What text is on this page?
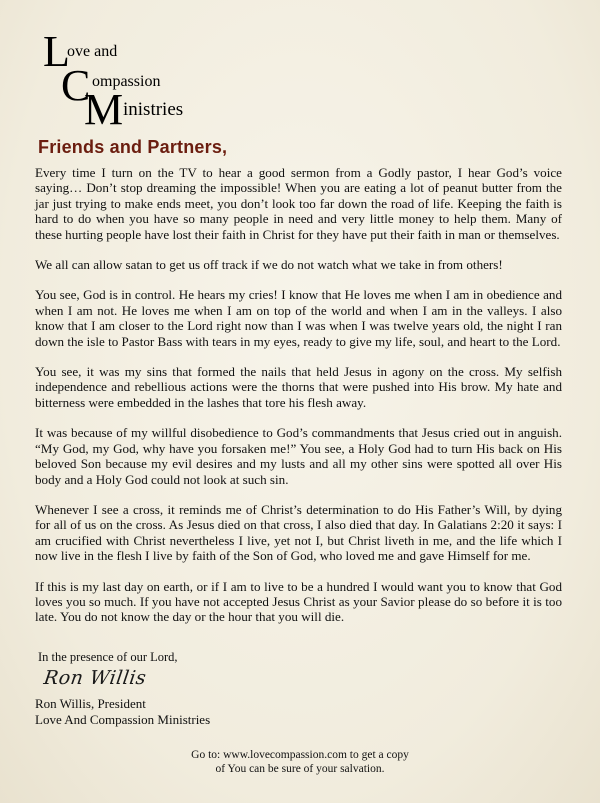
L
ove and
C ompassion
M inistries
Friends and Partners,

Every time I turn on the TV to hear a good sermon from a Godly pastor, I hear God’s voice saying… Don’t stop dreaming the impossible! When you are eating a lot of peanut butter from the jar just trying to make ends meet, you don’t look too far down the road of life. Keeping the faith is hard to do when you have so many people in need and very little money to help them. Many of these hurting people have lost their faith in Christ for they have put their faith in man or themselves.

We all can allow satan to get us off track if we do not watch what we take in from others!

You see, God is in control. He hears my cries! I know that He loves me when I am in obedience and when I am not. He loves me when I am on top of the world and when I am in the valleys. I also know that I am closer to the Lord right now than I was when I was twelve years old, the night I ran down the isle to Pastor Bass with tears in my eyes, ready to give my life, soul, and heart to the Lord.

You see, it was my sins that formed the nails that held Jesus in agony on the cross. My selfish independence and rebellious actions were the thorns that were pushed into His brow. My hate and bitterness were embedded in the lashes that tore his flesh away.

It was because of my willful disobedience to God’s commandments that Jesus cried out in anguish. “My God, my God, why have you forsaken me!” You see, a Holy God had to turn His back on His beloved Son because my evil desires and my lusts and all my other sins were spotted all over His body and a Holy God could not look at such sin.

Whenever I see a cross, it reminds me of Christ’s determination to do His Father’s Will, by dying for all of us on the cross. As Jesus died on that cross, I also died that day. In Galatians 2:20 it says: I am crucified with Christ nevertheless I live, yet not I, but Christ liveth in me, and the life which I now live in the flesh I live by faith of the Son of God, who loved me and gave Himself for me.

If this is my last day on earth, or if I am to live to be a hundred I would want you to know that God loves you so much. If you have not accepted Jesus Christ as your Savior please do so before it is too late. You do not know the day or the hour that you will die.

In the presence of our Lord,
Ron Willis
Ron Willis, President
Love And Compassion Ministries
Go to: www.lovecompassion.com to get a copy
of You can be sure of your salvation.
